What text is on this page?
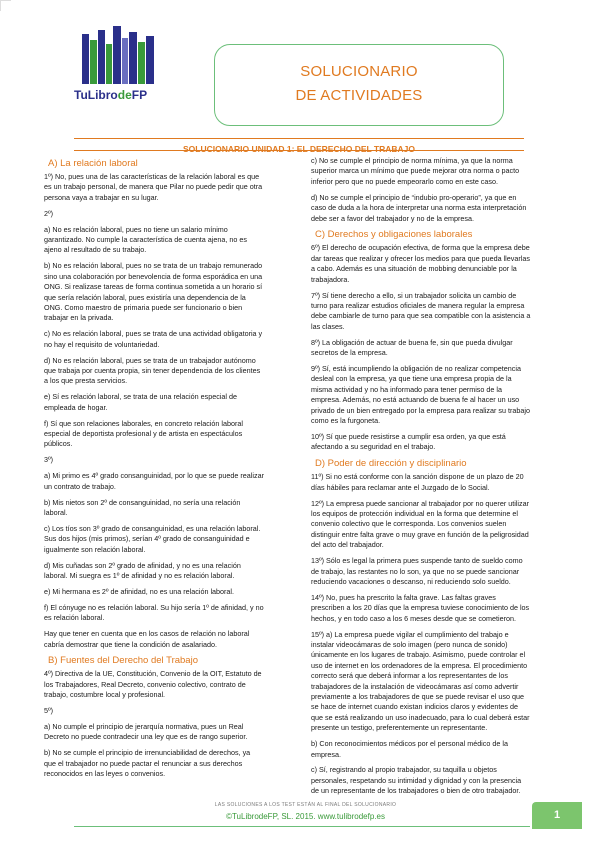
TuLibrodeFP
SOLUCIONARIO
DE ACTIVIDADES
SOLUCIONARIO UNIDAD 1: EL DERECHO DEL TRABAJO
A) La relación laboral
1º) No, pues una de las características de la relación laboral es que es un trabajo personal, de manera que Pilar no puede pedir que otra persona vaya a trabajar en su lugar.
2º)
a) No es relación laboral, pues no tiene un salario mínimo garantizado. No cumple la característica de cuenta ajena, no es ajeno al resultado de su trabajo.
b) No es relación laboral, pues no se trata de un trabajo remunerado sino una colaboración por benevolencia de forma esporádica en una ONG. Si realizase tareas de forma continua sometida a un horario sí que sería relación laboral, pues existiría una dependencia de la ONG. Como maestro de primaria puede ser funcionario o bien trabajar en la privada.
c) No es relación laboral, pues se trata de una actividad obligatoria y no hay el requisito de voluntariedad.
d) No es relación laboral, pues se trata de un trabajador autónomo que trabaja por cuenta propia, sin tener dependencia de los clientes a los que presta servicios.
e) Sí es relación laboral, se trata de una relación especial de empleada de hogar.
f) Sí que son relaciones laborales, en concreto relación laboral especial de deportista profesional y de artista en espectáculos públicos.
3º)
a) Mi primo es 4º grado consanguinidad, por lo que se puede realizar un contrato de trabajo.
b) Mis nietos son 2º de consanguinidad, no sería una relación laboral.
c) Los tíos son 3º grado de consanguinidad, es una relación laboral. Sus dos hijos (mis primos), serían 4º grado de consanguinidad e igualmente son relación laboral.
d) Mis cuñadas son 2º grado de afinidad, y no es una relación laboral. Mi suegra es 1º de afinidad y no es relación laboral.
e) Mi hermana es 2º de afinidad, no es una relación laboral.
f) El cónyuge no es relación laboral. Su hijo sería 1º de afinidad, y no es relación laboral.
Hay que tener en cuenta que en los casos de relación no laboral cabría demostrar que tiene la condición de asalariado.
B) Fuentes del Derecho del Trabajo
4º) Directiva de la UE, Constitución, Convenio de la OIT, Estatuto de los Trabajadores, Real Decreto, convenio colectivo, contrato de trabajo, costumbre local y profesional.
5º)
a) No cumple el principio de jerarquía normativa, pues un Real Decreto no puede contradecir una ley que es de rango superior.
b) No se cumple el principio de irrenunciabilidad de derechos, ya que el trabajador no puede pactar el renunciar a sus derechos reconocidos en las leyes o convenios.
c) No se cumple el principio de norma mínima, ya que la norma superior marca un mínimo que puede mejorar otra norma o pacto inferior pero que no puede empeorarlo como en este caso.
d) No se cumple el principio de “indubio pro-operario”, ya que en caso de duda a la hora de interpretar una norma esta interpretación debe ser a favor del trabajador y no de la empresa.
C) Derechos y obligaciones laborales
6º) El derecho de ocupación efectiva, de forma que la empresa debe dar tareas que realizar y ofrecer los medios para que pueda llevarlas a cabo. Además es una situación de mobbing denunciable por la trabajadora.
7º) Sí tiene derecho a ello, si un trabajador solicita un cambio de turno para realizar estudios oficiales de manera regular la empresa debe cambiarle de turno para que sea compatible con la asistencia a las clases.
8º) La obligación de actuar de buena fe, sin que pueda divulgar secretos de la empresa.
9º) Sí, está incumpliendo la obligación de no realizar competencia desleal con la empresa, ya que tiene una empresa propia de la misma actividad y no ha informado para tener permiso de la empresa. Además, no está actuando de buena fe al hacer un uso privado de un bien entregado por la empresa para realizar su trabajo como es la furgoneta.
10º) Sí que puede resistirse a cumplir esa orden, ya que está afectando a su seguridad en el trabajo.
D) Poder de dirección y disciplinario
11º) Si no está conforme con la sanción dispone de un plazo de 20 días hábiles para reclamar ante el Juzgado de lo Social.
12º) La empresa puede sancionar al trabajador por no querer utilizar los equipos de protección individual en la forma que determine el convenio colectivo que le corresponda. Los convenios suelen distinguir entre falta grave o muy grave en función de la peligrosidad del acto del trabajador.
13º) Sólo es legal la primera pues suspende tanto de sueldo como de trabajo, las restantes no lo son, ya que no se puede sancionar reduciendo vacaciones o descanso, ni reduciendo solo sueldo.
14º) No, pues ha prescrito la falta grave. Las faltas graves prescriben a los 20 días que la empresa tuviese conocimiento de los hechos, y en todo caso a los 6 meses desde que se cometieron.
15º) a) La empresa puede vigilar el cumplimiento del trabajo e instalar videocámaras de solo imagen (pero nunca de sonido) únicamente en los lugares de trabajo. Asimismo, puede controlar el uso de internet en los ordenadores de la empresa. El procedimiento correcto será que deberá informar a los representantes de los trabajadores de la instalación de videocámaras así como advertir previamente a los trabajadores de que se puede revisar el uso que se hace de internet cuando existan indicios claros y evidentes de que se está realizando un uso inadecuado, para lo cual deberá estar presente un testigo, preferentemente un representante.
b) Con reconocimientos médicos por el personal médico de la empresa.
c) Sí, registrando al propio trabajador, su taquilla u objetos personales, respetando su intimidad y dignidad y con la presencia de un representante de los trabajadores o bien de otro trabajador.
LAS SOLUCIONES A LOS TEST ESTÁN AL FINAL DEL SOLUCIONARIO
©TuLibrodeFP, SL. 2015. www.tulibrodefp.es	1
